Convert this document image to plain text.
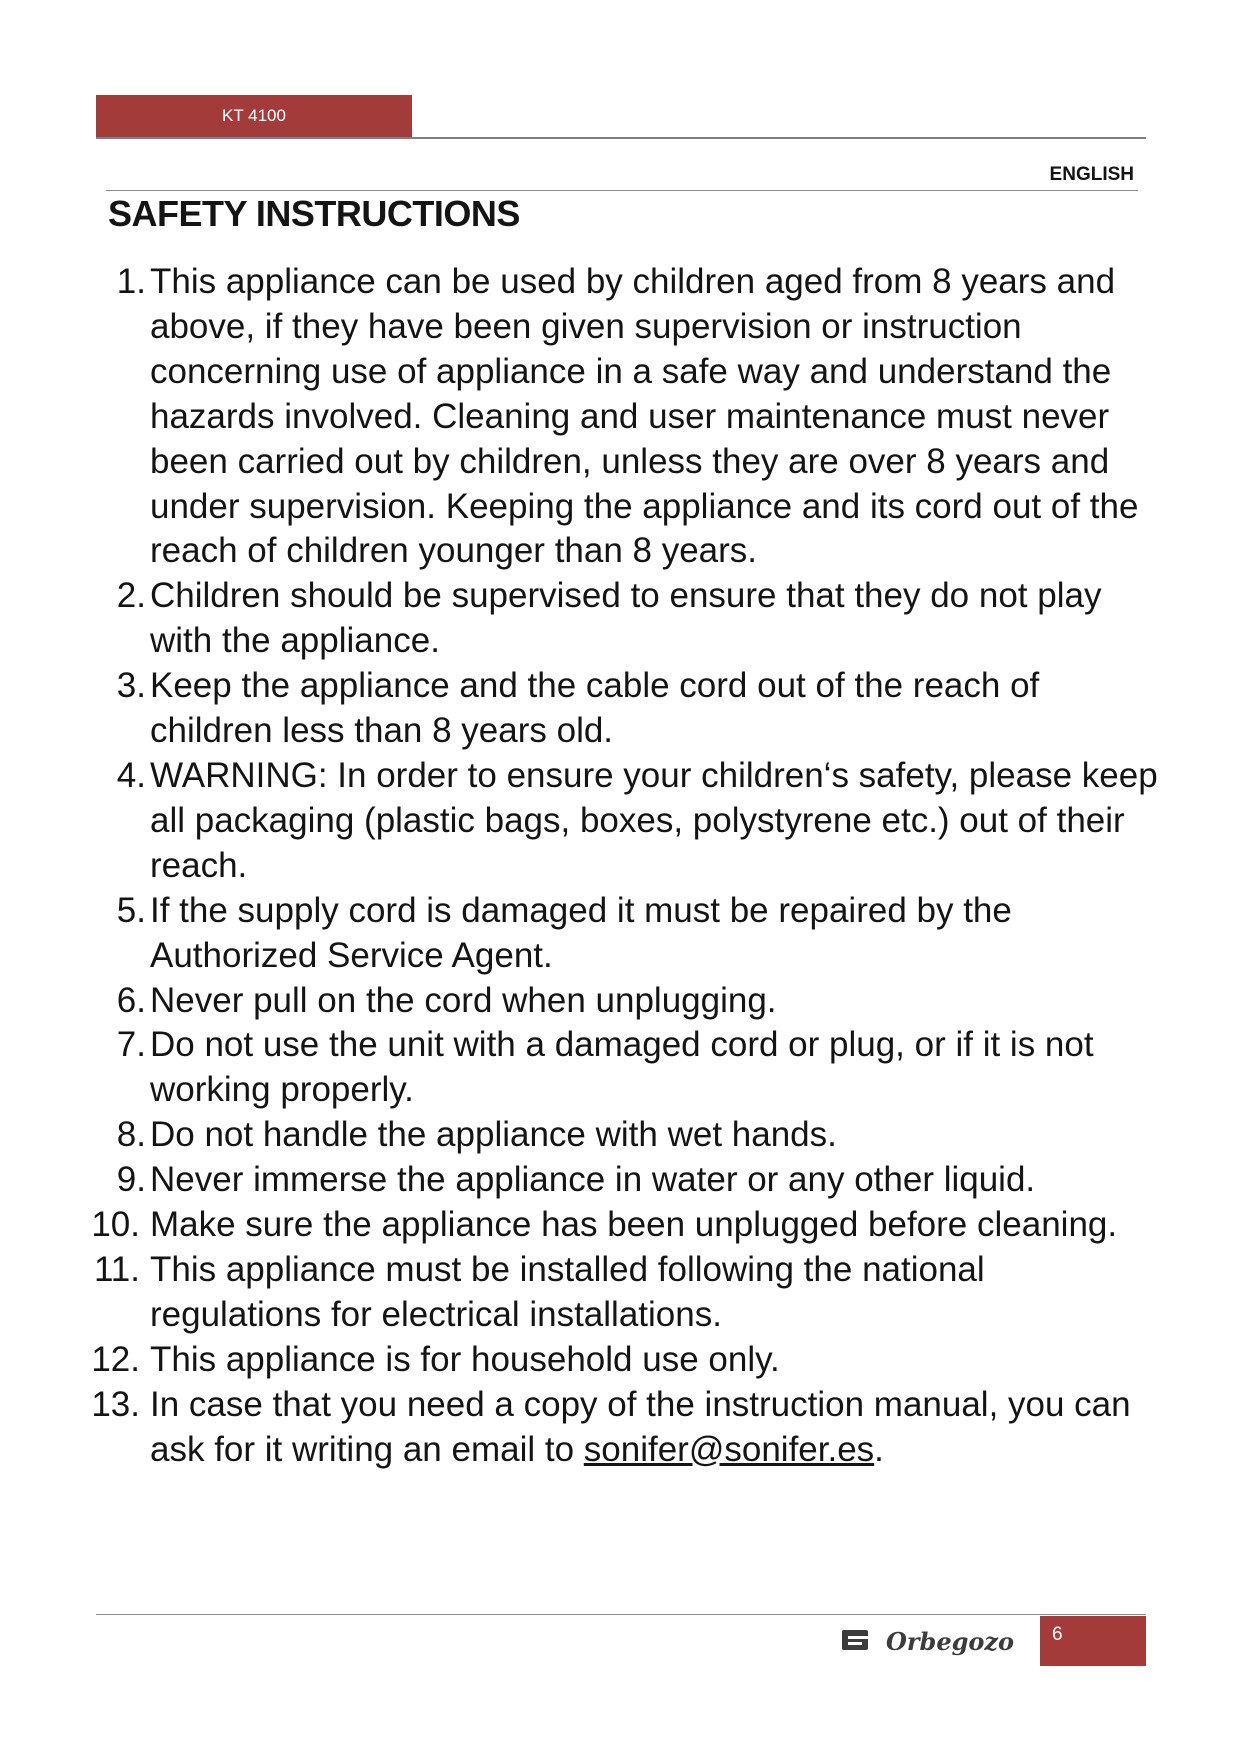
KT 4100
ENGLISH
SAFETY INSTRUCTIONS
1. This appliance can be used by children aged from 8 years and above, if they have been given supervision or instruction concerning use of appliance in a safe way and understand the hazards involved. Cleaning and user maintenance must never been carried out by children, unless they are over 8 years and under supervision. Keeping the appliance and its cord out of the reach of children younger than 8 years.
2. Children should be supervised to ensure that they do not play with the appliance.
3. Keep the appliance and the cable cord out of the reach of children less than 8 years old.
4. WARNING: In order to ensure your children‘s safety, please keep all packaging (plastic bags, boxes, polystyrene etc.) out of their reach.
5. If the supply cord is damaged it must be repaired by the Authorized Service Agent.
6. Never pull on the cord when unplugging.
7. Do not use the unit with a damaged cord or plug, or if it is not working properly.
8. Do not handle the appliance with wet hands.
9. Never immerse the appliance in water or any other liquid.
10. Make sure the appliance has been unplugged before cleaning.
11. This appliance must be installed following the national regulations for electrical installations.
12. This appliance is for household use only.
13. In case that you need a copy of the instruction manual, you can ask for it writing an email to sonifer@sonifer.es.
Orbegozo	6
